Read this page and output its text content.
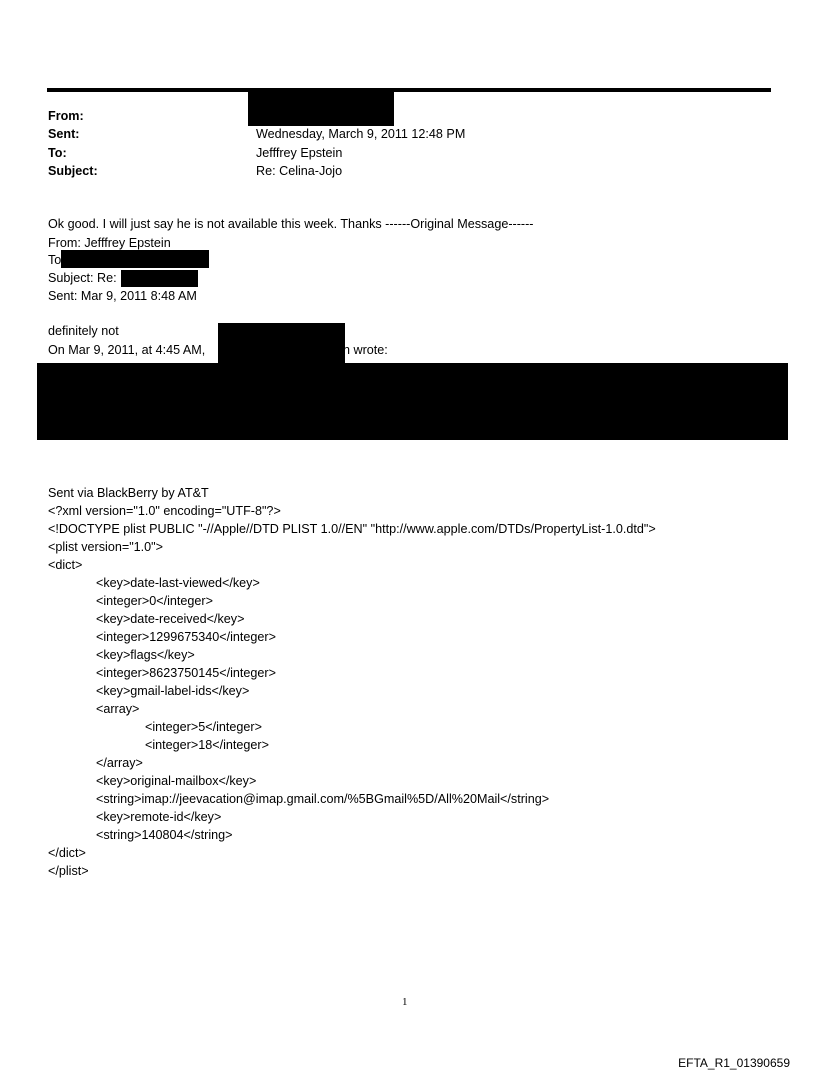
From:
Sent:	Wednesday, March 9, 2011 12:48 PM
To:	Jefffrey Epstein
Subject:	Re: Celina-Jojo
Ok good. I will just say he is not available this week. Thanks ------Original Message------
From: Jefffrey Epstein
To
Subject: Re:
Sent: Mar 9, 2011 8:48 AM
definitely not
On Mar 9, 2011, at 4:45 AM,	n wrote:
Sent via BlackBerry by AT&T
<?xml version="1.0" encoding="UTF-8"?>
<!DOCTYPE plist PUBLIC "-//Apple//DTD PLIST 1.0//EN" "http://www.apple.com/DTDs/PropertyList-1.0.dtd">
<plist version="1.0">
<dict>
<key>date-last-viewed</key>
<integer>0</integer>
<key>date-received</key>
<integer>1299675340</integer>
<key>flags</key>
<integer>8623750145</integer>
<key>gmail-label-ids</key>
<array>
<integer>5</integer>
<integer>18</integer>
</array>
<key>original-mailbox</key>
<string>imap://jeevacation@imap.gmail.com/%5BGmail%5D/All%20Mail</string>
<key>remote-id</key>
<string>140804</string>
</dict>
</plist>
1
EFTA_R1_01390659
